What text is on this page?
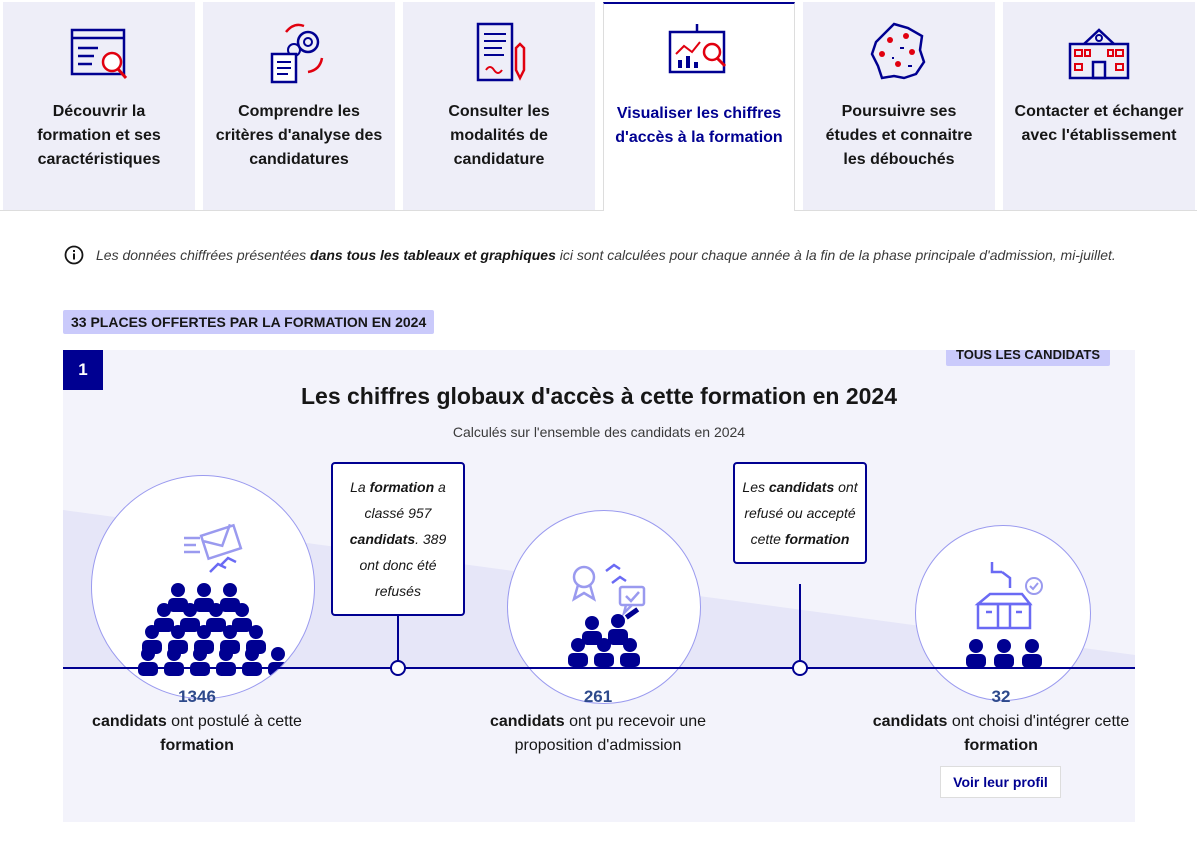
Découvrir la formation et ses caractéristiques
Comprendre les critères d'analyse des candidatures
Consulter les modalités de candidature
Visualiser les chiffres d'accès à la formation
Poursuivre ses études et connaitre les débouchés
Contacter et échanger avec l'établissement

Les données chiffrées présentées dans tous les tableaux et graphiques ici sont calculées pour chaque année à la fin de la phase principale d'admission, mi-juillet.

33 PLACES OFFERTES PAR LA FORMATION EN 2024
1
TOUS LES CANDIDATS
Les chiffres globaux d'accès à cette formation en 2024
Calculés sur l'ensemble des candidats en 2024
La formation a classé 957 candidats. 389 ont donc été refusés
Les candidats ont refusé ou accepté cette formation
1346
candidats ont postulé à cette formation
261
candidats ont pu recevoir une proposition d'admission
32
candidats ont choisi d'intégrer cette formation
Voir leur profil
